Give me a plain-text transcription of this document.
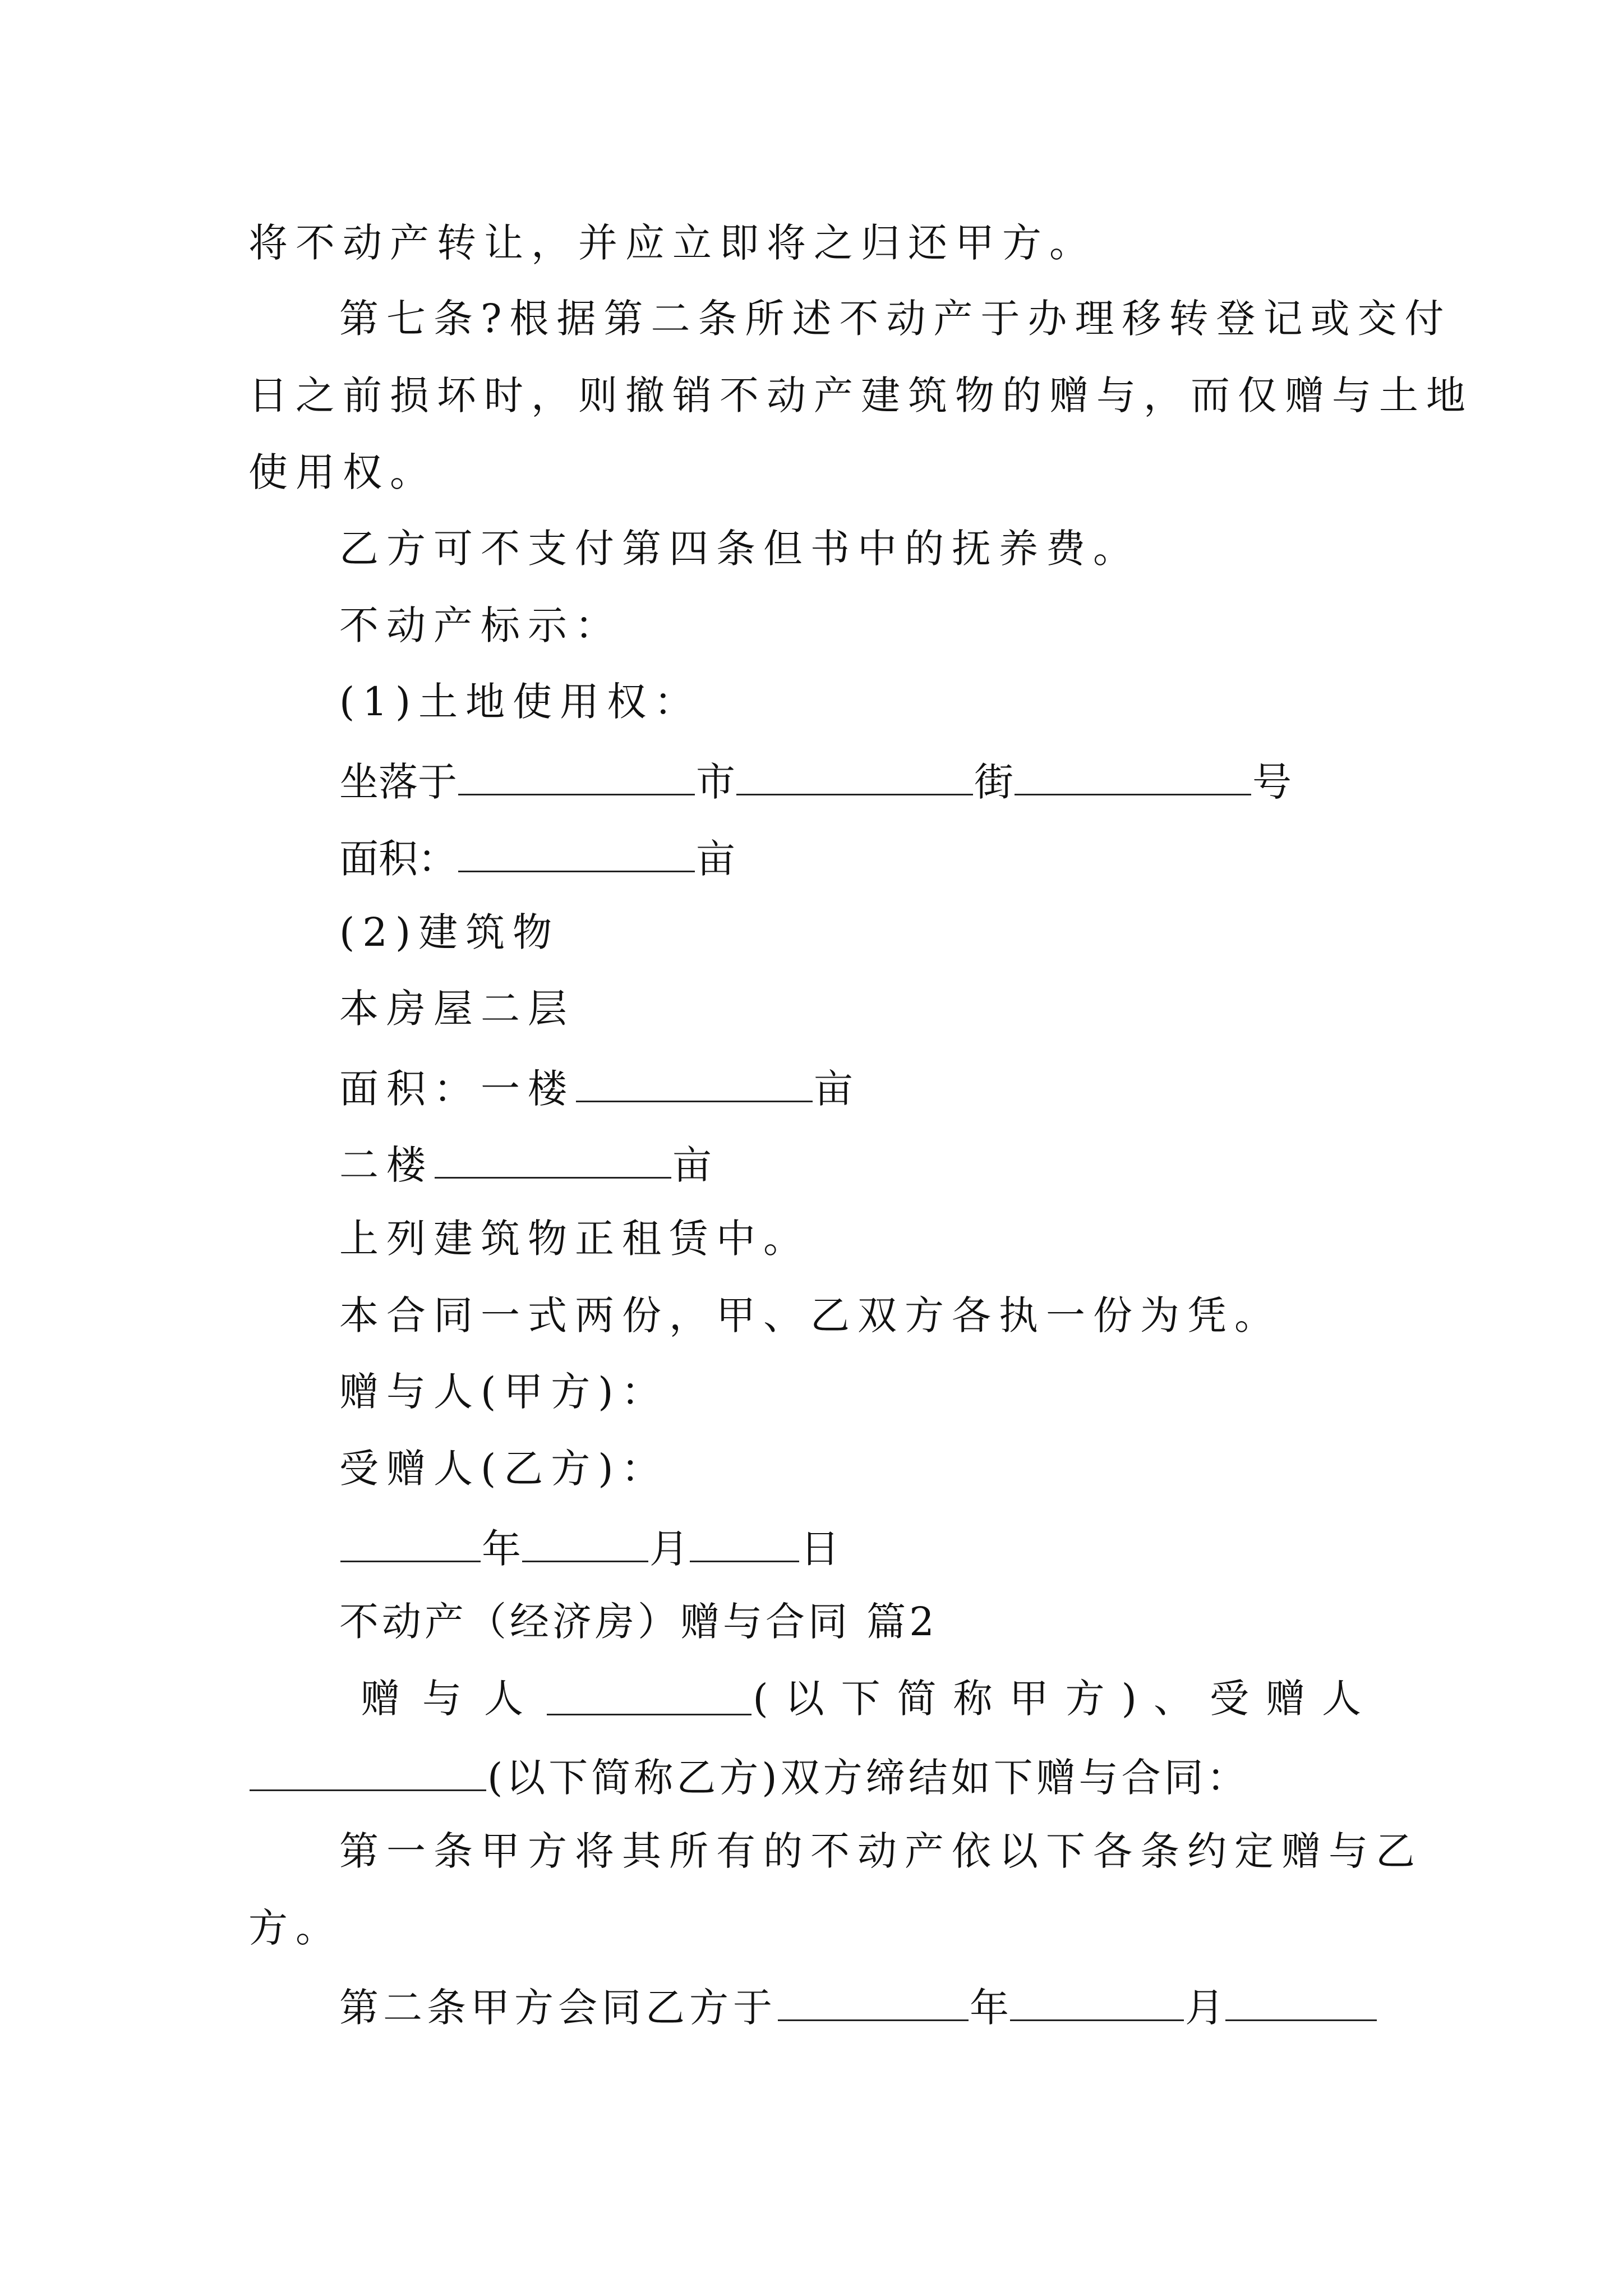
将不动产转让，并应立即将之归还甲方。
第七条?根据第二条所述不动产于办理移转登记或交付
日之前损坏时，则撤销不动产建筑物的赠与，而仅赠与土地
使用权。
乙方可不支付第四条但书中的抚养费。
不动产标示：
(1)土地使用权：
坐落于	市	街	号
面积：	亩
(2)建筑物
本房屋二层
面积：一楼	亩
二楼	亩
上列建筑物正租赁中。
本合同一式两份，甲、乙双方各执一份为凭。
赠与人(甲方)：
受赠人(乙方)：
年	月	日
不动产（经济房）赠与合同 篇2
赠与人	(以下简称甲方)、受赠人
(以下简称乙方)双方缔结如下赠与合同：
第一条甲方将其所有的不动产依以下各条约定赠与乙
方。
第二条甲方会同乙方于	年	月
